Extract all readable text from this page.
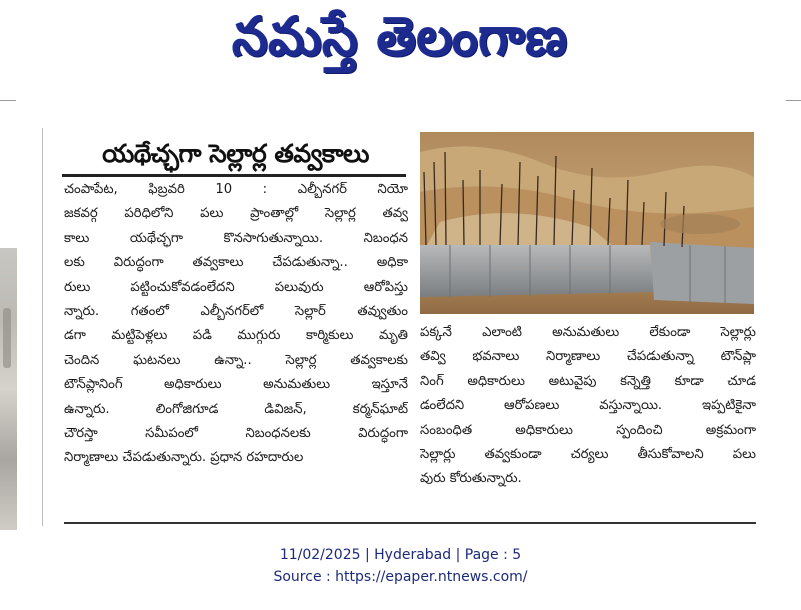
నమస్తే తెలంగాణ
యథేచ్ఛగా సెల్లార్ల తవ్వకాలు
చంపాపేట, ఫిబ్రవరి 10 : ఎల్బీనగర్ నియో
జకవర్గ పరిధిలోని పలు ప్రాంతాల్లో సెల్లార్ల తవ్వ
కాలు యథేచ్ఛగా కొనసాగుతున్నాయి. నిబంధన
లకు విరుద్ధంగా తవ్వకాలు చేపడుతున్నా.. అధికా
రులు పట్టించుకోవడంలేదని పలువురు ఆరోపిస్తు
న్నారు. గతంలో ఎల్బీనగర్‌లో సెల్లార్ తవ్వుతుం
డగా మట్టిపెళ్లలు పడి ముగ్గురు కార్మికులు మృతి
చెందిన ఘటనలు ఉన్నా.. సెల్లార్ల తవ్వకాలకు
టౌన్‌ప్లానింగ్ అధికారులు అనుమతులు ఇస్తూనే
ఉన్నారు. లింగోజిగూడ డివిజన్, కర్మన్‌ఘాట్
చౌరస్తా సమీపంలో నిబంధనలకు విరుద్ధంగా
నిర్మాణాలు చేపడుతున్నారు. ప్రధాన రహదారుల
పక్కనే ఎలాంటి అనుమతులు లేకుండా సెల్లార్లు
తవ్వి భవనాలు నిర్మాణాలు చేపడుతున్నా టౌన్‌ప్లా
నింగ్ అధికారులు అటువైపు కన్నెత్తి కూడా చూడ
డంలేదని ఆరోపణలు వస్తున్నాయి. ఇప్పటికైనా
సంబంధిత అధికారులు స్పందించి అక్రమంగా
సెల్లార్లు తవ్వకుండా చర్యలు తీసుకోవాలని పలు
వురు కోరుతున్నారు.
11/02/2025 | Hyderabad | Page : 5
Source : https://epaper.ntnews.com/
